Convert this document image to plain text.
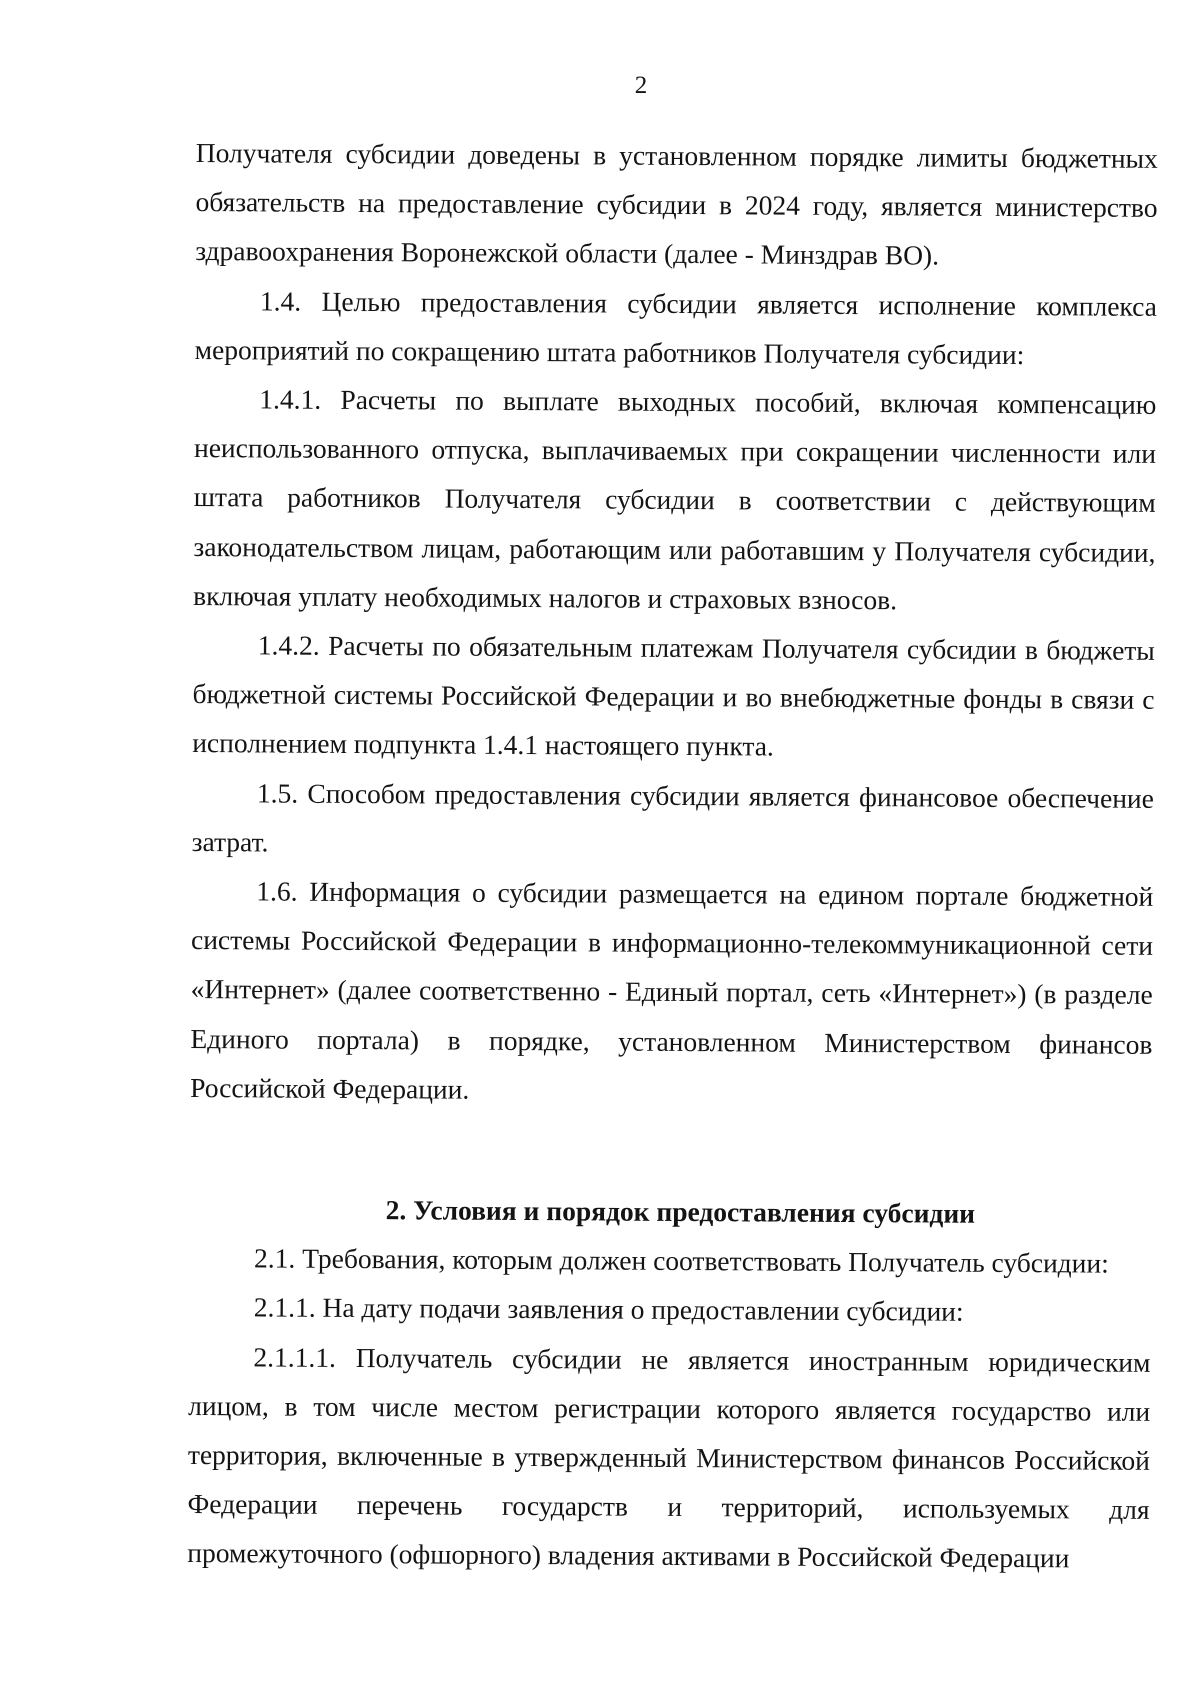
2

Получателя субсидии доведены в установленном порядке лимиты бюджетных обязательств на предоставление субсидии в 2024 году, является министерство здравоохранения Воронежской области (далее - Минздрав ВО).

1.4. Целью предоставления субсидии является исполнение комплекса мероприятий по сокращению штата работников Получателя субсидии:

1.4.1. Расчеты по выплате выходных пособий, включая компенсацию неиспользованного отпуска, выплачиваемых при сокращении численности или штата работников Получателя субсидии в соответствии с действующим законодательством лицам, работающим или работавшим у Получателя субсидии, включая уплату необходимых налогов и страховых взносов.

1.4.2. Расчеты по обязательным платежам Получателя субсидии в бюджеты бюджетной системы Российской Федерации и во внебюджетные фонды в связи с исполнением подпункта 1.4.1 настоящего пункта.

1.5. Способом предоставления субсидии является финансовое обеспечение затрат.

1.6. Информация о субсидии размещается на едином портале бюджетной системы Российской Федерации в информационно-телекоммуникационной сети «Интернет» (далее соответственно - Единый портал, сеть «Интернет») (в разделе Единого портала) в порядке, установленном Министерством финансов Российской Федерации.

2. Условия и порядок предоставления субсидии

2.1. Требования, которым должен соответствовать Получатель субсидии:

2.1.1. На дату подачи заявления о предоставлении субсидии:

2.1.1.1. Получатель субсидии не является иностранным юридическим лицом, в том числе местом регистрации которого является государство или территория, включенные в утвержденный Министерством финансов Российской Федерации перечень государств и территорий, используемых для промежуточного (офшорного) владения активами в Российской Федерации
